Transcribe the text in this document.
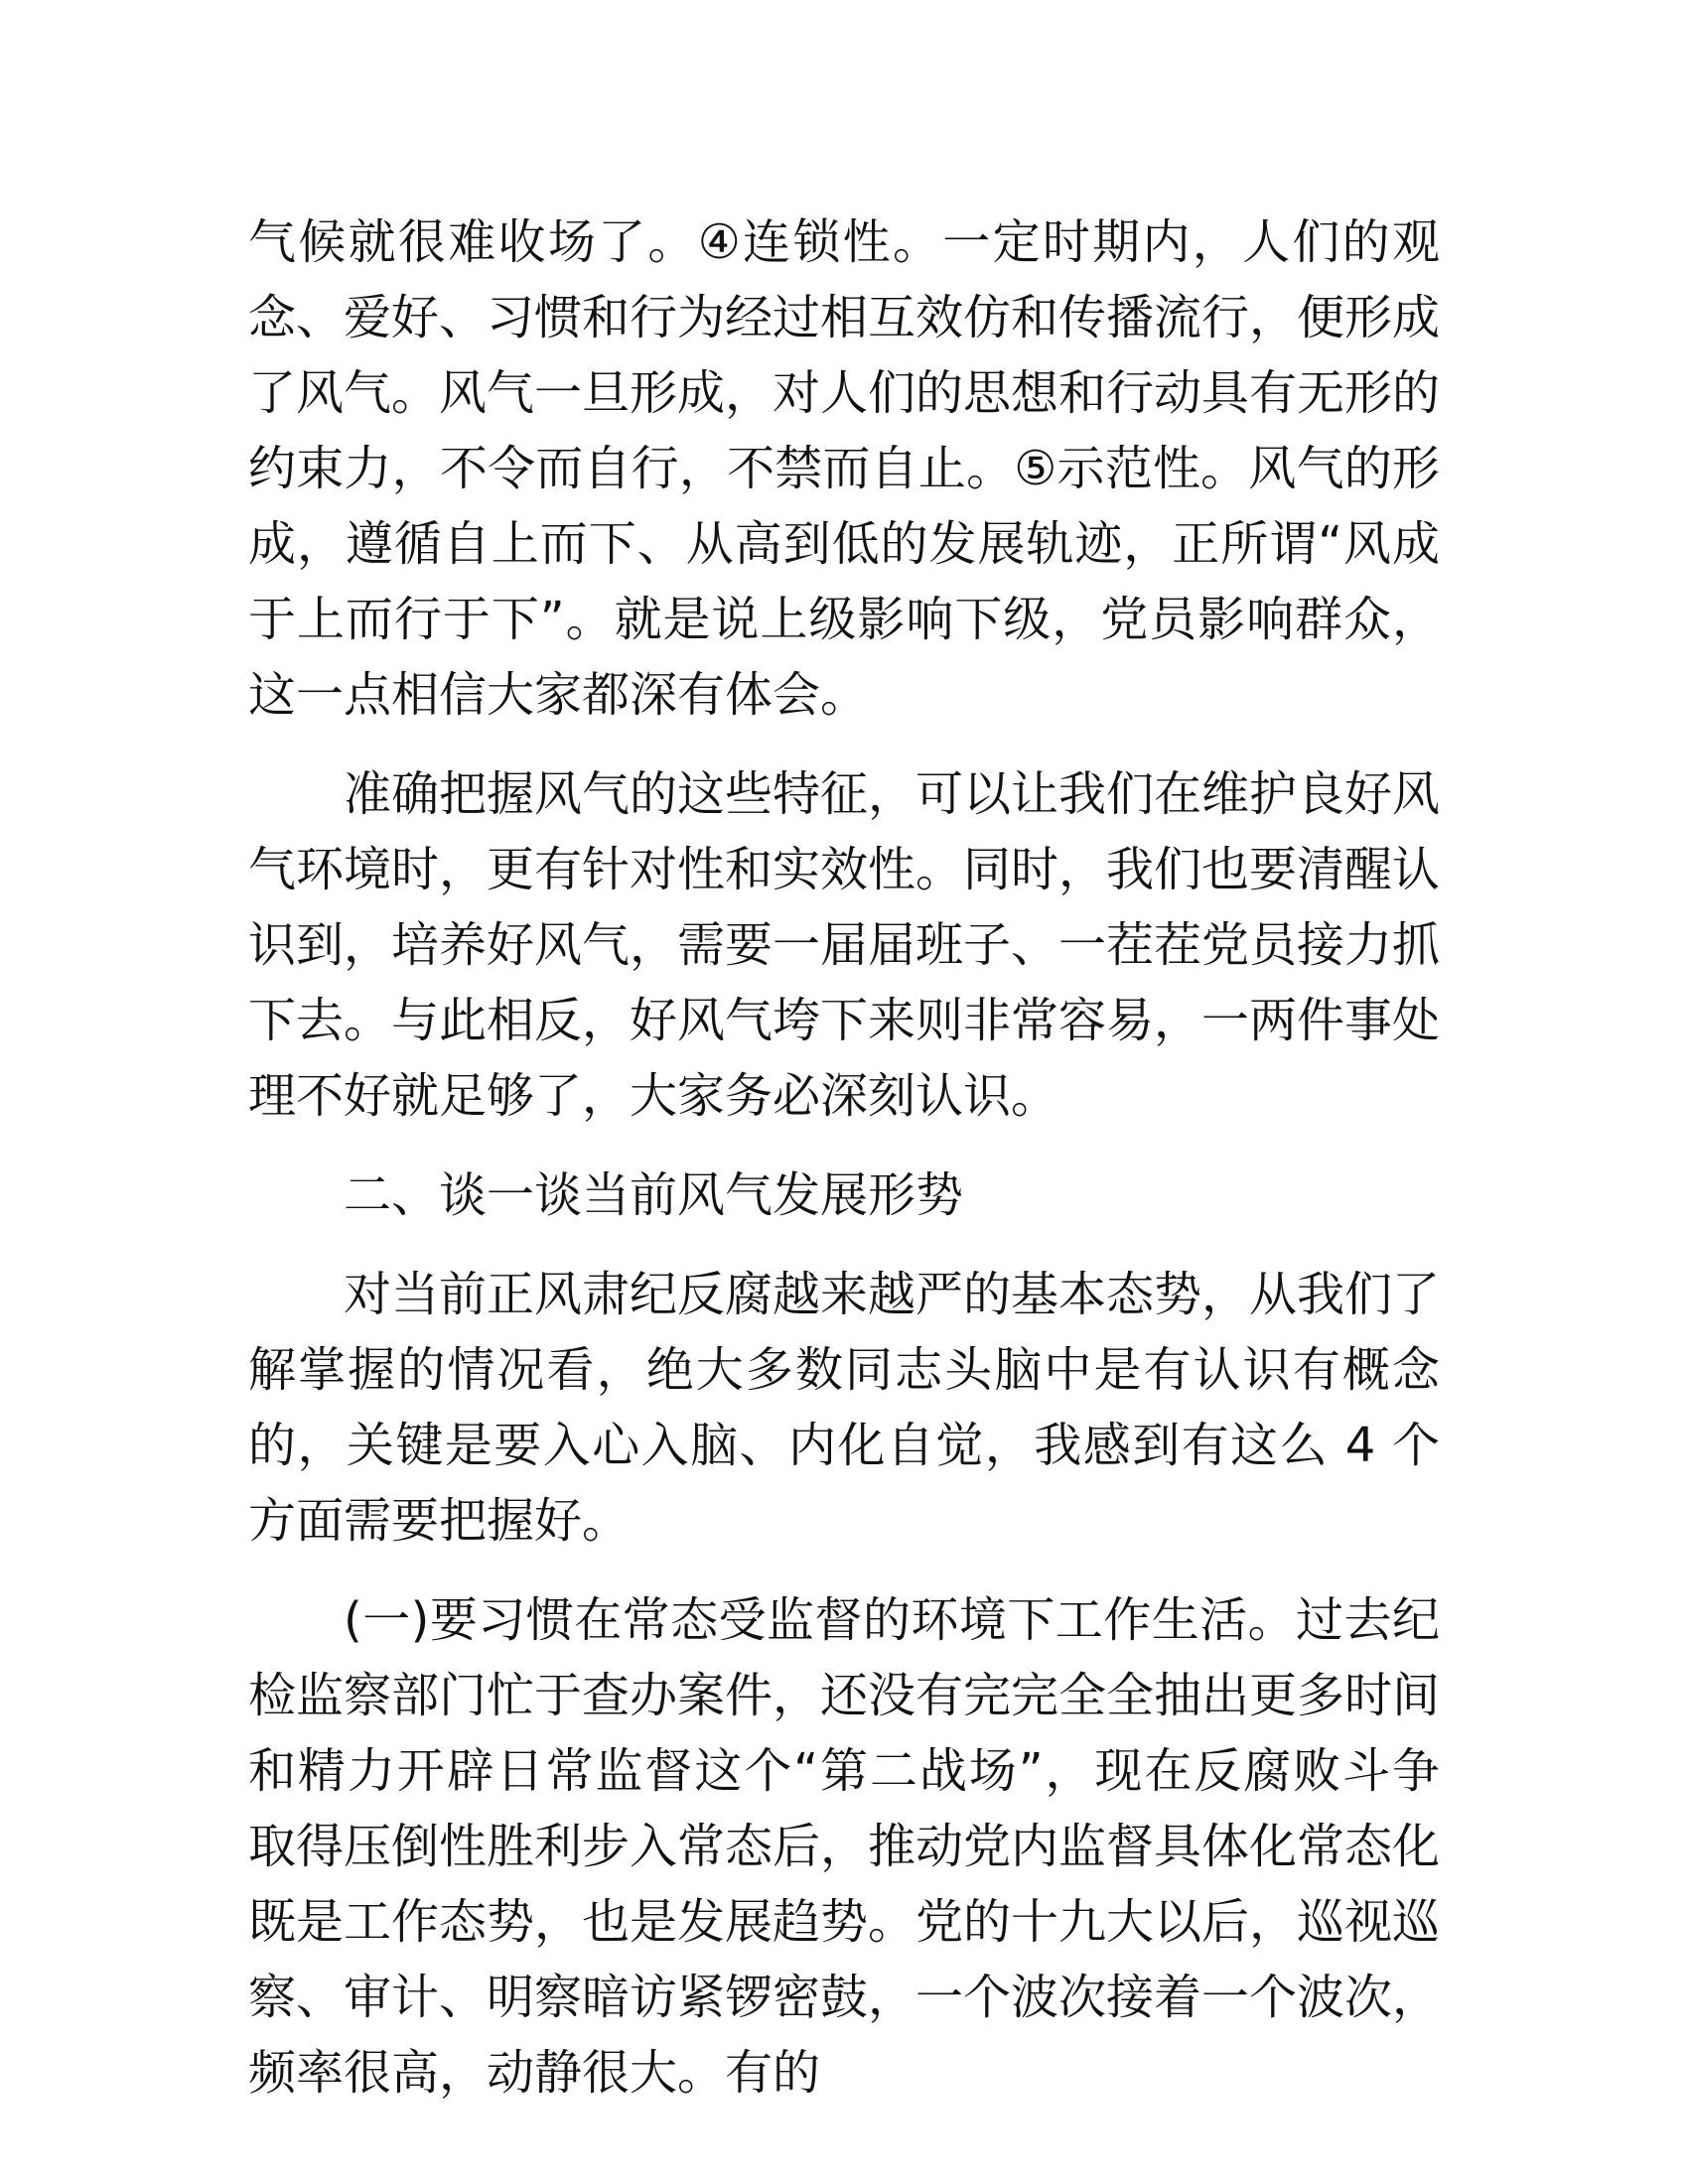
气候就很难收场了。④连锁性。一定时期内，人们的观念、爱好、习惯和行为经过相互效仿和传播流行，便形成了风气。风气一旦形成，对人们的思想和行动具有无形的约束力，不令而自行，不禁而自止。⑤示范性。风气的形成，遵循自上而下、从高到低的发展轨迹，正所谓“风成于上而行于下”。就是说上级影响下级，党员影响群众，这一点相信大家都深有体会。

准确把握风气的这些特征，可以让我们在维护良好风气环境时，更有针对性和实效性。同时，我们也要清醒认识到，培养好风气，需要一届届班子、一茬茬党员接力抓下去。与此相反，好风气垮下来则非常容易，一两件事处理不好就足够了，大家务必深刻认识。

二、谈一谈当前风气发展形势

对当前正风肃纪反腐越来越严的基本态势，从我们了解掌握的情况看，绝大多数同志头脑中是有认识有概念的，关键是要入心入脑、内化自觉，我感到有这么 4 个方面需要把握好。

(一)要习惯在常态受监督的环境下工作生活。过去纪检监察部门忙于查办案件，还没有完完全全抽出更多时间和精力开辟日常监督这个“第二战场”，现在反腐败斗争取得压倒性胜利步入常态后，推动党内监督具体化常态化既是工作态势，也是发展趋势。党的十九大以后，巡视巡察、审计、明察暗访紧锣密鼓，一个波次接着一个波次，频率很高，动静很大。有的
